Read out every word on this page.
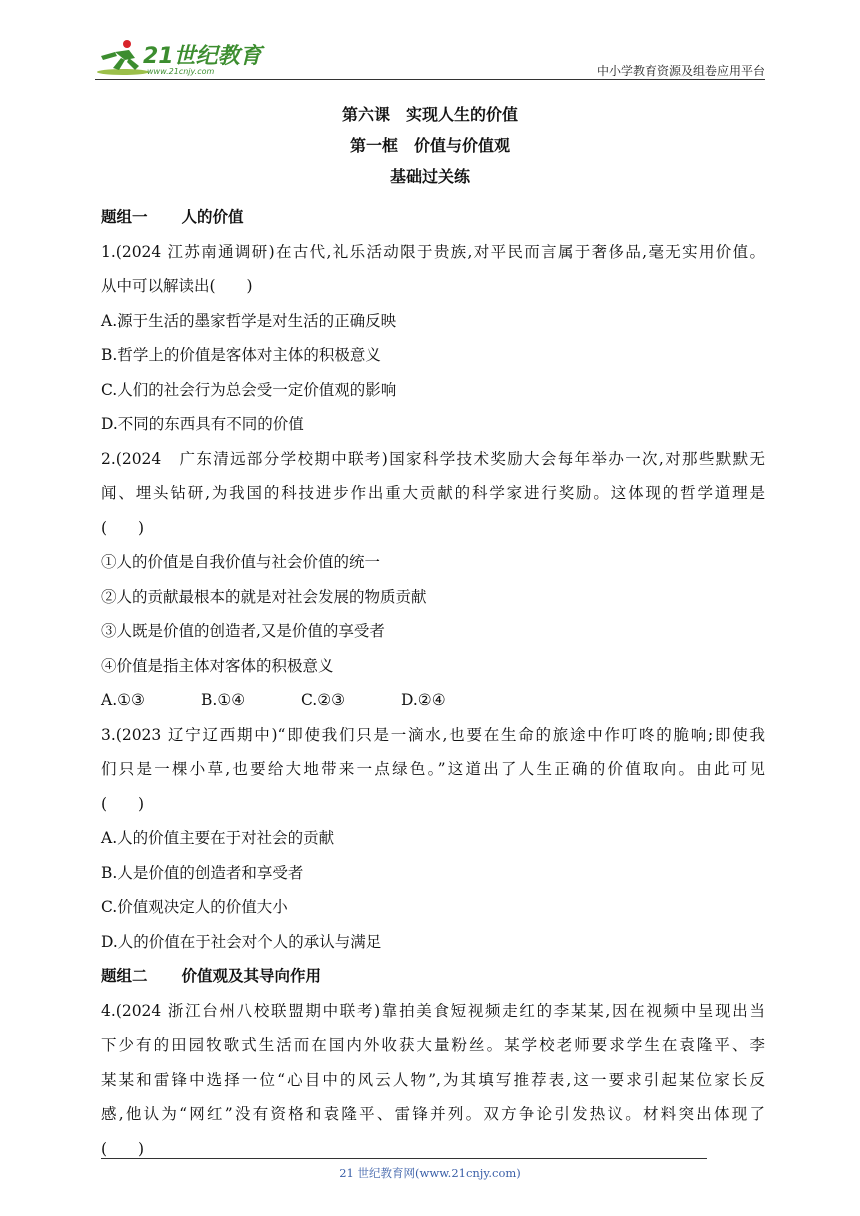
21世纪教育
www.21cnjy.com	中小学教育资源及组卷应用平台
第六课　实现人生的价值
第一框　价值与价值观
基础过关练
题组一 人的价值
1.(2024 江苏南通调研)在古代,礼乐活动限于贵族,对平民而言属于奢侈品,毫无实用价值。
从中可以解读出(　　)
A.源于生活的墨家哲学是对生活的正确反映
B.哲学上的价值是客体对主体的积极意义
C.人们的社会行为总会受一定价值观的影响
D.不同的东西具有不同的价值
2.(2024　广东清远部分学校期中联考)国家科学技术奖励大会每年举办一次,对那些默默无
闻、埋头钻研,为我国的科技进步作出重大贡献的科学家进行奖励。这体现的哲学道理是
(　　)
①人的价值是自我价值与社会价值的统一
②人的贡献最根本的就是对社会发展的物质贡献
③人既是价值的创造者,又是价值的享受者
④价值是指主体对客体的积极意义
A.①③	B.①④	C.②③	D.②④
3.(2023 辽宁辽西期中)“即使我们只是一滴水,也要在生命的旅途中作叮咚的脆响;即使我
们只是一棵小草,也要给大地带来一点绿色。”这道出了人生正确的价值取向。由此可见
(　　)
A.人的价值主要在于对社会的贡献
B.人是价值的创造者和享受者
C.价值观决定人的价值大小
D.人的价值在于社会对个人的承认与满足
题组二 价值观及其导向作用
4.(2024 浙江台州八校联盟期中联考)靠拍美食短视频走红的李某某,因在视频中呈现出当
下少有的田园牧歌式生活而在国内外收获大量粉丝。某学校老师要求学生在袁隆平、李
某某和雷锋中选择一位“心目中的风云人物”,为其填写推荐表,这一要求引起某位家长反
感,他认为“网红”没有资格和袁隆平、雷锋并列。双方争论引发热议。材料突出体现了
(　　)
21 世纪教育网(www.21cnjy.com)
